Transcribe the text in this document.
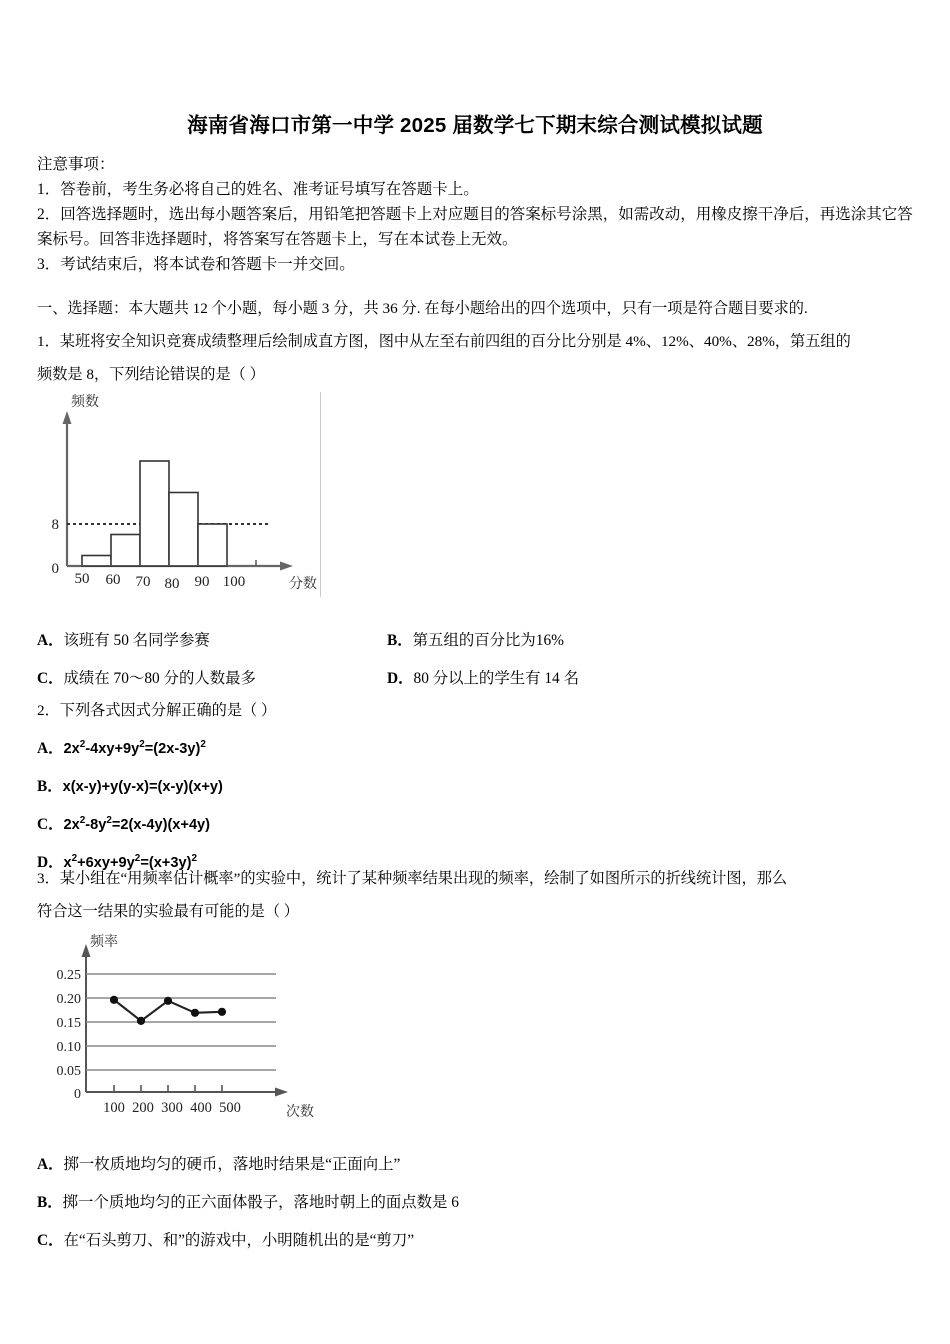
海南省海口市第一中学 2025 届数学七下期末综合测试模拟试题
注意事项：
1．答卷前，考生务必将自己的姓名、准考证号填写在答题卡上。
2．回答选择题时，选出每小题答案后，用铅笔把答题卡上对应题目的答案标号涂黑，如需改动，用橡皮擦干净后，再选涂其它答案标号。回答非选择题时，将答案写在答题卡上，写在本试卷上无效。
3．考试结束后，将本试卷和答题卡一并交回。
一、选择题：本大题共 12 个小题，每小题 3 分，共 36 分. 在每小题给出的四个选项中，只有一项是符合题目要求的.
1．某班将安全知识竞赛成绩整理后绘制成直方图，图中从左至右前四组的百分比分别是 4%、12%、40%、28%，第五组的
频数是 8，下列结论错误的是（ ）
频数
50 60 70 80 90 100
8
0
分数
A．该班有 50 名同学参赛	B．第五组的百分比为16%
C．成绩在 70～80 分的人数最多	D．80 分以上的学生有 14 名
2．下列各式因式分解正确的是（ ）
A． $2x^2-4xy+9y^2=(2x-3y)^2$
B． x(x-y)+y(y-x)=(x-y)(x+y)
C． $2x^2-8y^2=2(x-4y)(x+4y)$
D． $x^2+6xy+9y^2=(x+3y)^2$
3．某小组在“用频率估计概率”的实验中，统计了某种频率结果出现的频率，绘制了如图所示的折线统计图，那么
符合这一结果的实验最有可能的是（ ）
频率
0.25
0.20
0.15
0.10
0.05
0
100 200 300 400 500	次数
A． 掷一枚质地均匀的硬币，落地时结果是“正面向上”
B． 掷一个质地均匀的正六面体骰子，落地时朝上的面点数是 6
C． 在“石头剪刀、和”的游戏中，小明随机出的是“剪刀”
